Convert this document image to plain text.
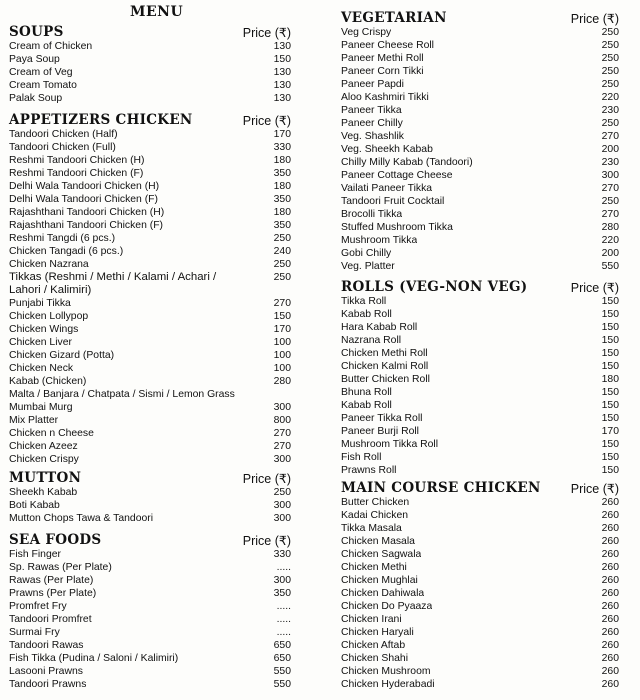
MENU
SOUPS	Price (₹)
Cream of Chicken	130
Paya Soup	150
Cream of Veg	130
Cream Tomato	130
Palak Soup	130
APPETIZERS CHICKEN	Price (₹)
Tandoori Chicken (Half)	170
Tandoori Chicken (Full)	330
Reshmi Tandoori Chicken (H)	180
Reshmi Tandoori Chicken (F)	350
Delhi Wala Tandoori Chicken (H)	180
Delhi Wala Tandoori Chicken (F)	350
Rajashthani Tandoori Chicken (H)	180
Rajashthani Tandoori Chicken (F)	350
Reshmi Tangdi (6 pcs.)	250
Chicken Tangadi (6 pcs.)	240
Chicken Nazrana	250
Tikkas (Reshmi / Methi / Kalami / Achari / Lahori / Kalimiri)
250
Punjabi Tikka	270
Chicken Lollypop	150
Chicken Wings	170
Chicken Liver	100
Chicken Gizard (Potta)	100
Chicken Neck	100
Kabab (Chicken)	280
Malta / Banjara / Chatpata / Sismi / Lemon Grass
Mumbai Murg	300
Mix Platter	800
Chicken n Cheese	270
Chicken Azeez	270
Chicken Crispy	300
MUTTON	Price (₹)
Sheekh Kabab	250
Boti Kabab	300
Mutton Chops Tawa & Tandoori	300
SEA FOODS	Price (₹)
Fish Finger	330
Sp. Rawas (Per Plate)	.....
Rawas (Per Plate)	300
Prawns (Per Plate)	350
Promfret Fry	.....
Tandoori Promfret	.....
Surmai Fry	.....
Tandoori Rawas	650
Fish Tikka (Pudina / Saloni / Kalimiri)	650
Lasooni Prawns	550
Tandoori Prawns	550
VEGETARIAN	Price (₹)
Veg Crispy	250
Paneer Cheese Roll	250
Paneer Methi Roll	250
Paneer Corn Tikki	250
Paneer Papdi	250
Aloo Kashmiri Tikki	220
Paneer Tikka	230
Paneer Chilly	250
Veg. Shashlik	270
Veg. Sheekh Kabab	200
Chilly Milly Kabab (Tandoori)	230
Paneer Cottage Cheese	300
Vailati Paneer Tikka	270
Tandoori Fruit Cocktail	250
Brocolli Tikka	270
Stuffed Mushroom Tikka	280
Mushroom Tikka	220
Gobi Chilly	200
Veg. Platter	550
ROLLS (VEG-NON VEG)	Price (₹)
Tikka Roll	150
Kabab Roll	150
Hara Kabab Roll	150
Nazrana Roll	150
Chicken Methi Roll	150
Chicken Kalmi Roll	150
Butter Chicken Roll	180
Bhuna Roll	150
Kabab Roll	150
Paneer Tikka Roll	150
Paneer Burji Roll	170
Mushroom Tikka Roll	150
Fish Roll	150
Prawns Roll	150
MAIN COURSE CHICKEN Price (₹)
Butter Chicken	260
Kadai Chicken	260
Tikka Masala	260
Chicken Masala	260
Chicken Sagwala	260
Chicken Methi	260
Chicken Mughlai	260
Chicken Dahiwala	260
Chicken Do Pyaaza	260
Chicken Irani	260
Chicken Haryali	260
Chicken Aftab	260
Chicken Shahi	260
Chicken Mushroom	260
Chicken Hyderabadi	260
